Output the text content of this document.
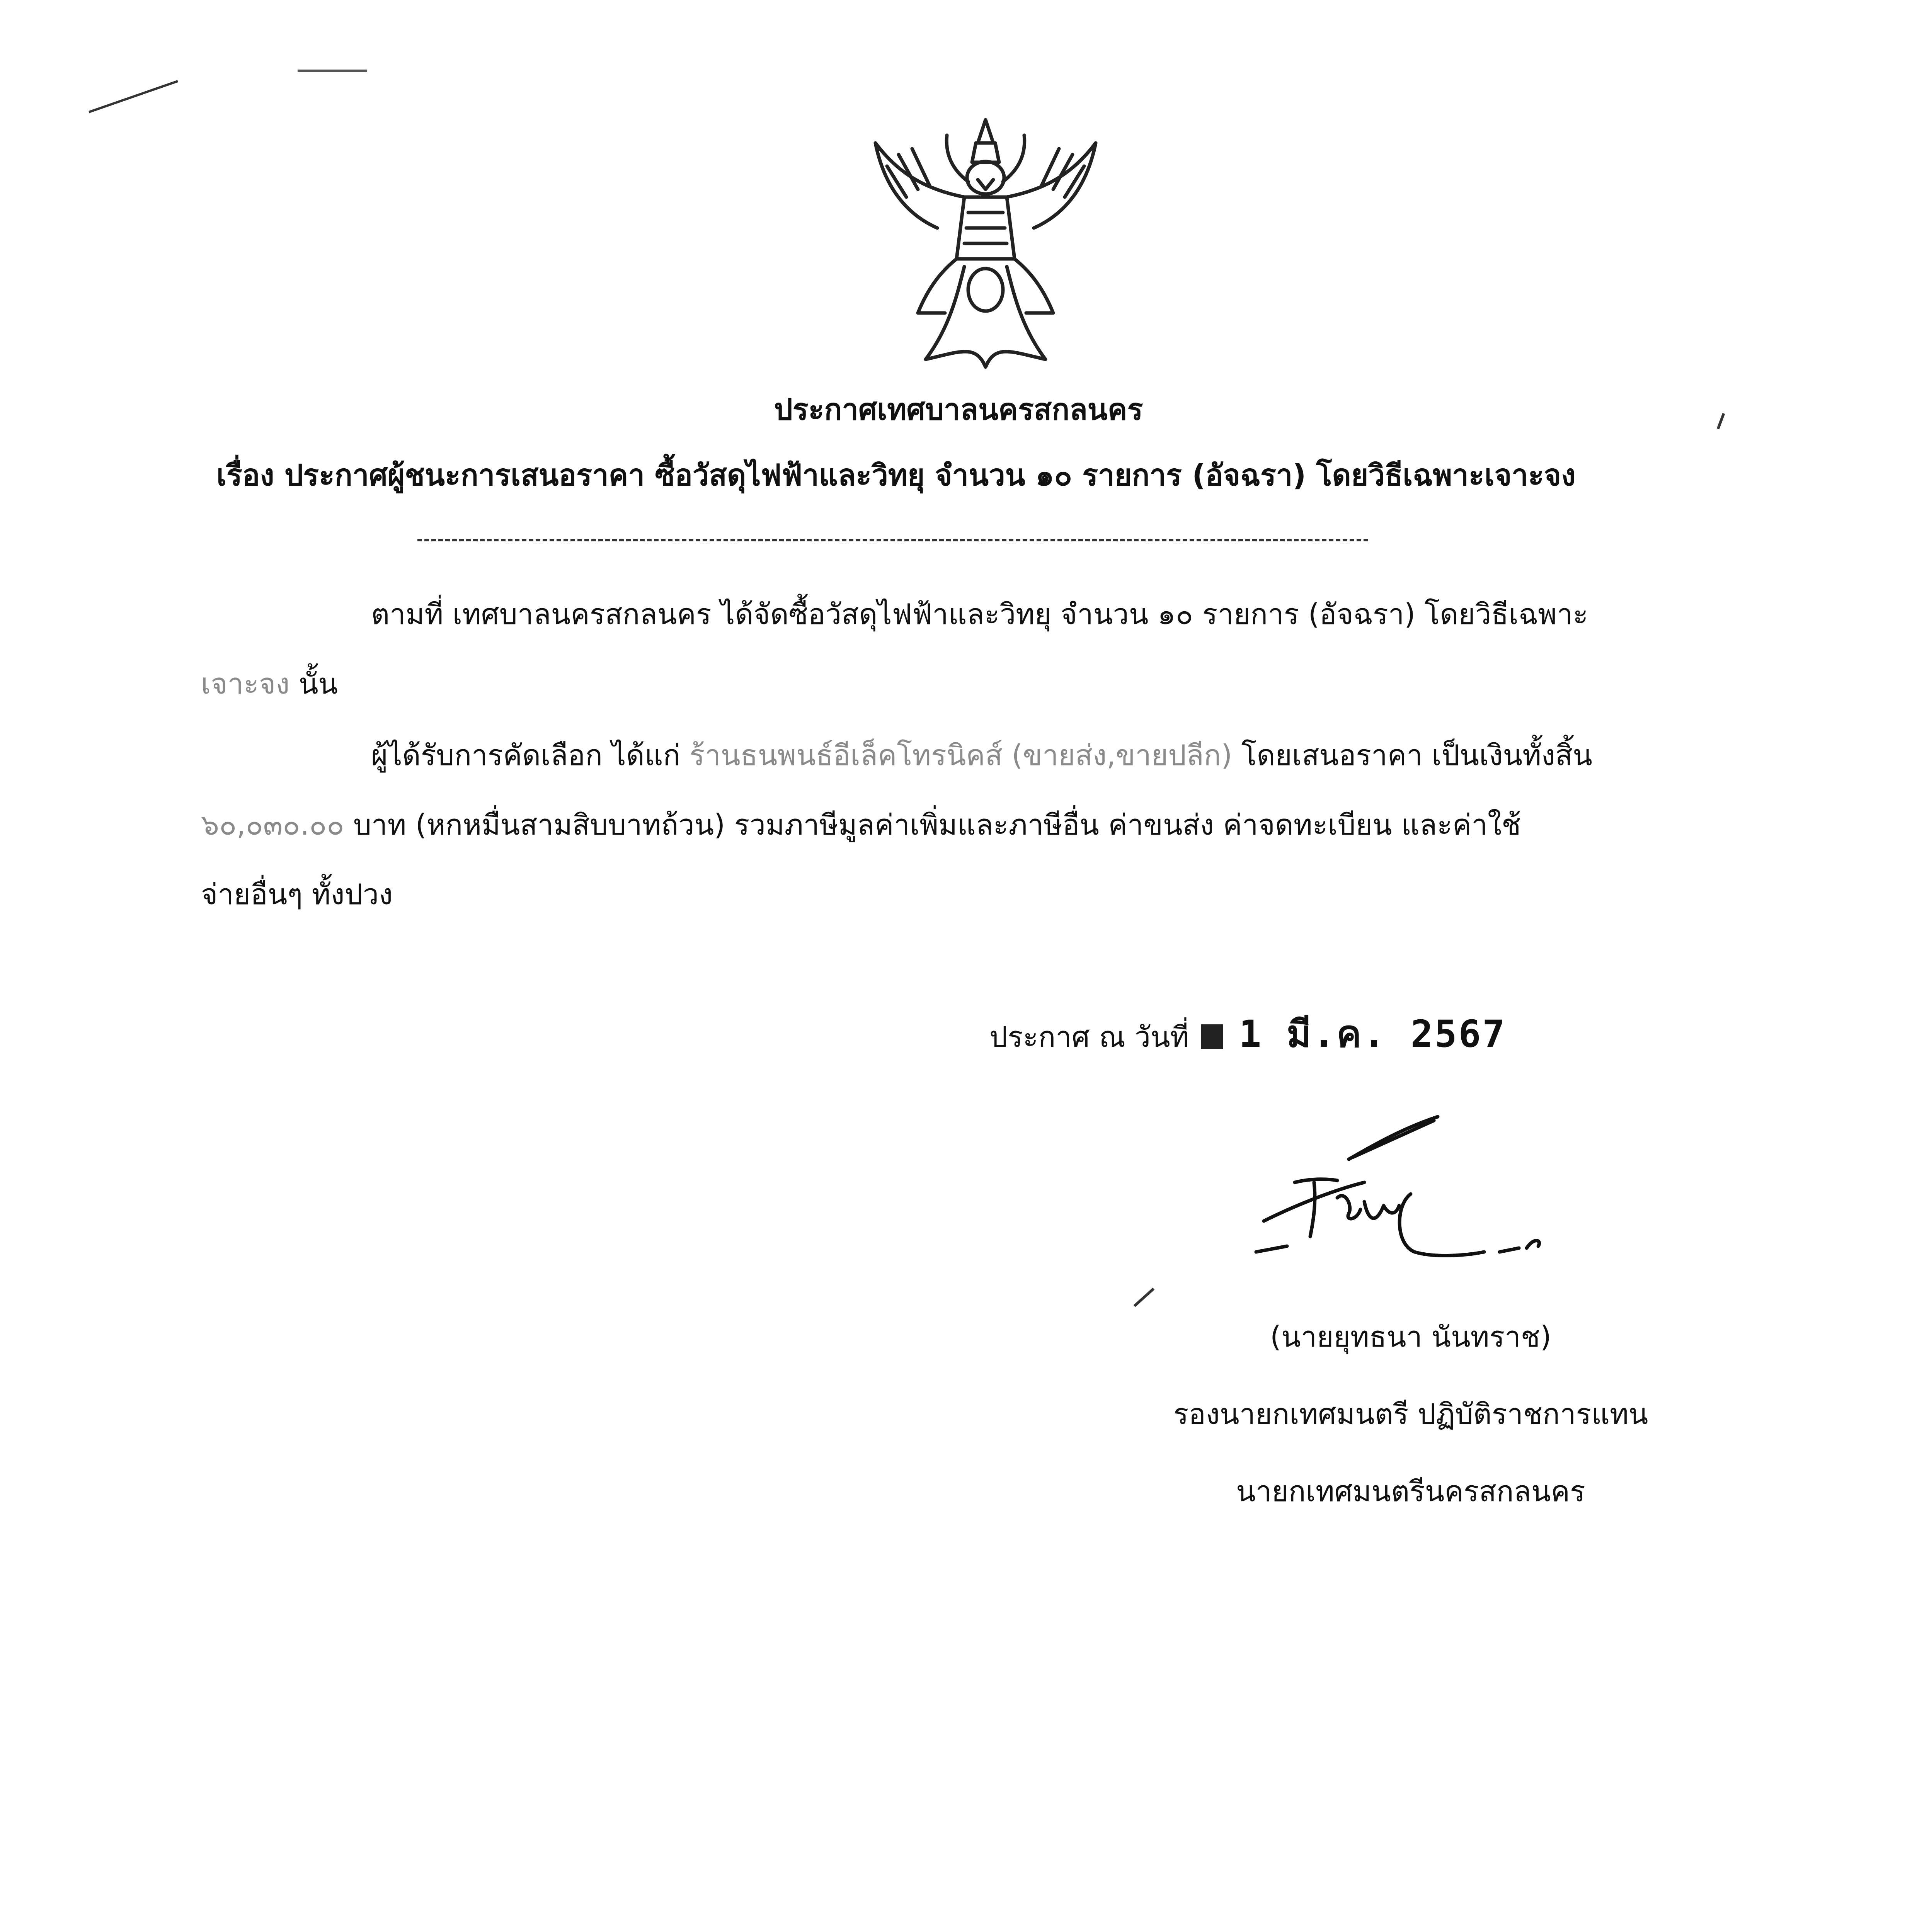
ประกาศเทศบาลนครสกลนคร
เรื่อง ประกาศผู้ชนะการเสนอราคา ซื้อวัสดุไฟฟ้าและวิทยุ จำนวน ๑๐ รายการ (อัจฉรา) โดยวิธีเฉพาะเจาะจง
ตามที่ เทศบาลนครสกลนคร ได้จัดซื้อวัสดุไฟฟ้าและวิทยุ จำนวน ๑๐ รายการ (อัจฉรา) โดยวิธีเฉพาะ
เจาะจง นั้น
ผู้ได้รับการคัดเลือก ได้แก่ ร้านธนพนธ์อีเล็คโทรนิคส์ (ขายส่ง,ขายปลีก) โดยเสนอราคา เป็นเงินทั้งสิ้น
๖๐,๐๓๐.๐๐ บาท (หกหมื่นสามสิบบาทถ้วน) รวมภาษีมูลค่าเพิ่มและภาษีอื่น ค่าขนส่ง ค่าจดทะเบียน และค่าใช้
จ่ายอื่นๆ ทั้งปวง
ประกาศ ณ วันที่ 1 มี.ค. 2567
(นายยุทธนา นันทราช)
รองนายกเทศมนตรี ปฏิบัติราชการแทน
นายกเทศมนตรีนครสกลนคร
